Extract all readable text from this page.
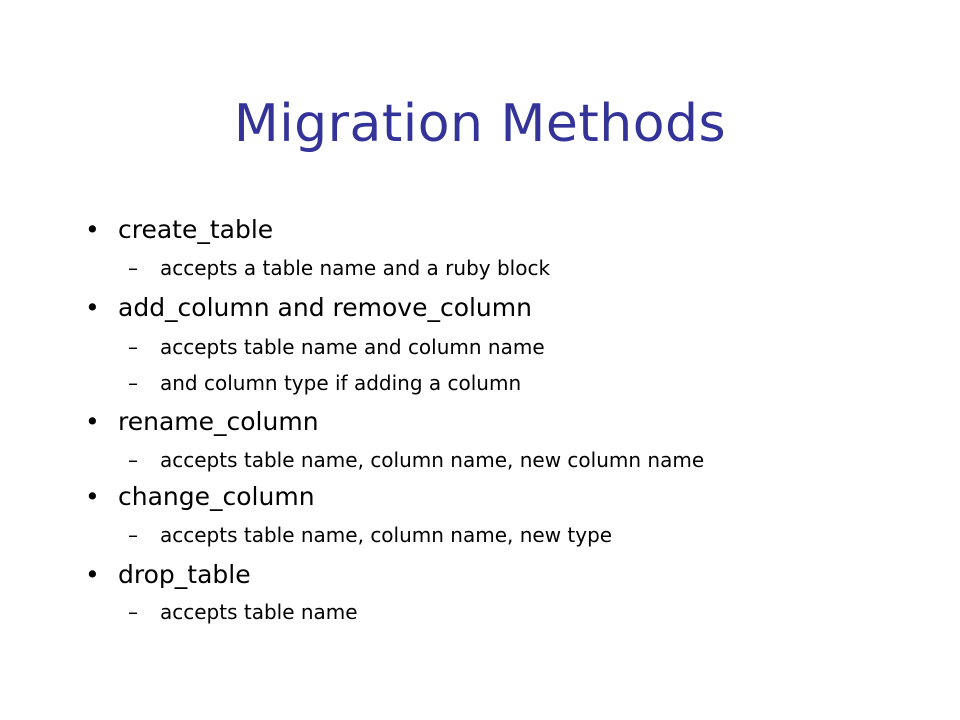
Migration Methods
• create_table
– accepts a table name and a ruby block
• add_column and remove_column
– accepts table name and column name
– and column type if adding a column
• rename_column
– accepts table name, column name, new column name
• change_column
– accepts table name, column name, new type
• drop_table
– accepts table name
